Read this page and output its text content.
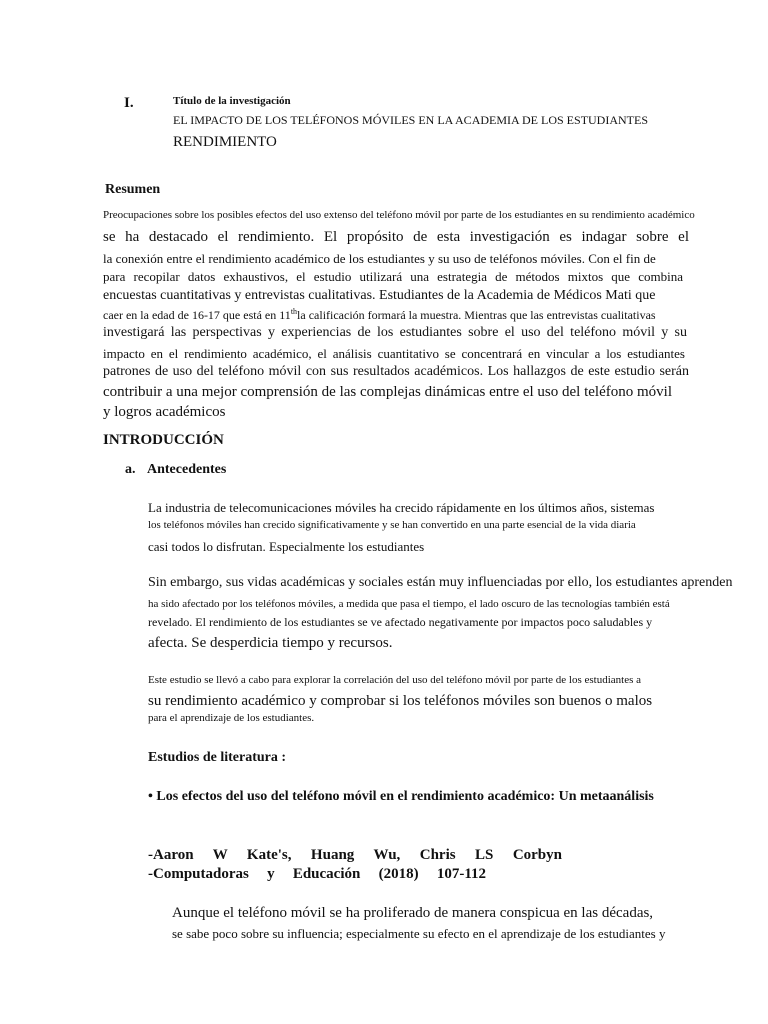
I.	Título de la investigación
EL IMPACTO DE LOS TELÉFONOS MÓVILES EN LA ACADEMIA DE LOS ESTUDIANTES
RENDIMIENTO
Resumen
Preocupaciones sobre los posibles efectos del uso extenso del teléfono móvil por parte de los estudiantes en su rendimiento académico
se ha destacado el rendimiento. El propósito de esta investigación es indagar sobre el
la conexión entre el rendimiento académico de los estudiantes y su uso de teléfonos móviles. Con el fin de
para recopilar datos exhaustivos, el estudio utilizará una estrategia de métodos mixtos que combina
encuestas cuantitativas y entrevistas cualitativas. Estudiantes de la Academia de Médicos Mati que
caer en la edad de 16-17 que está en 11thla calificación formará la muestra. Mientras que las entrevistas cualitativas
investigará las perspectivas y experiencias de los estudiantes sobre el uso del teléfono móvil y su
impacto en el rendimiento académico, el análisis cuantitativo se concentrará en vincular a los estudiantes
patrones de uso del teléfono móvil con sus resultados académicos. Los hallazgos de este estudio serán
contribuir a una mejor comprensión de las complejas dinámicas entre el uso del teléfono móvil
y logros académicos
INTRODUCCIÓN
a. Antecedentes
La industria de telecomunicaciones móviles ha crecido rápidamente en los últimos años, sistemas
los teléfonos móviles han crecido significativamente y se han convertido en una parte esencial de la vida diaria
casi todos lo disfrutan. Especialmente los estudiantes
Sin embargo, sus vidas académicas y sociales están muy influenciadas por ello, los estudiantes aprenden
ha sido afectado por los teléfonos móviles, a medida que pasa el tiempo, el lado oscuro de las tecnologías también está
revelado. El rendimiento de los estudiantes se ve afectado negativamente por impactos poco saludables y
afecta. Se desperdicia tiempo y recursos.
Este estudio se llevó a cabo para explorar la correlación del uso del teléfono móvil por parte de los estudiantes a
su rendimiento académico y comprobar si los teléfonos móviles son buenos o malos
para el aprendizaje de los estudiantes.
Estudios de literatura :
• Los efectos del uso del teléfono móvil en el rendimiento académico: Un metaanálisis
-Aaron W Kate's, Huang Wu, Chris LS Corbyn
-Computadoras y Educación (2018) 107-112
Aunque el teléfono móvil se ha proliferado de manera conspicua en las décadas,
se sabe poco sobre su influencia; especialmente su efecto en el aprendizaje de los estudiantes y
